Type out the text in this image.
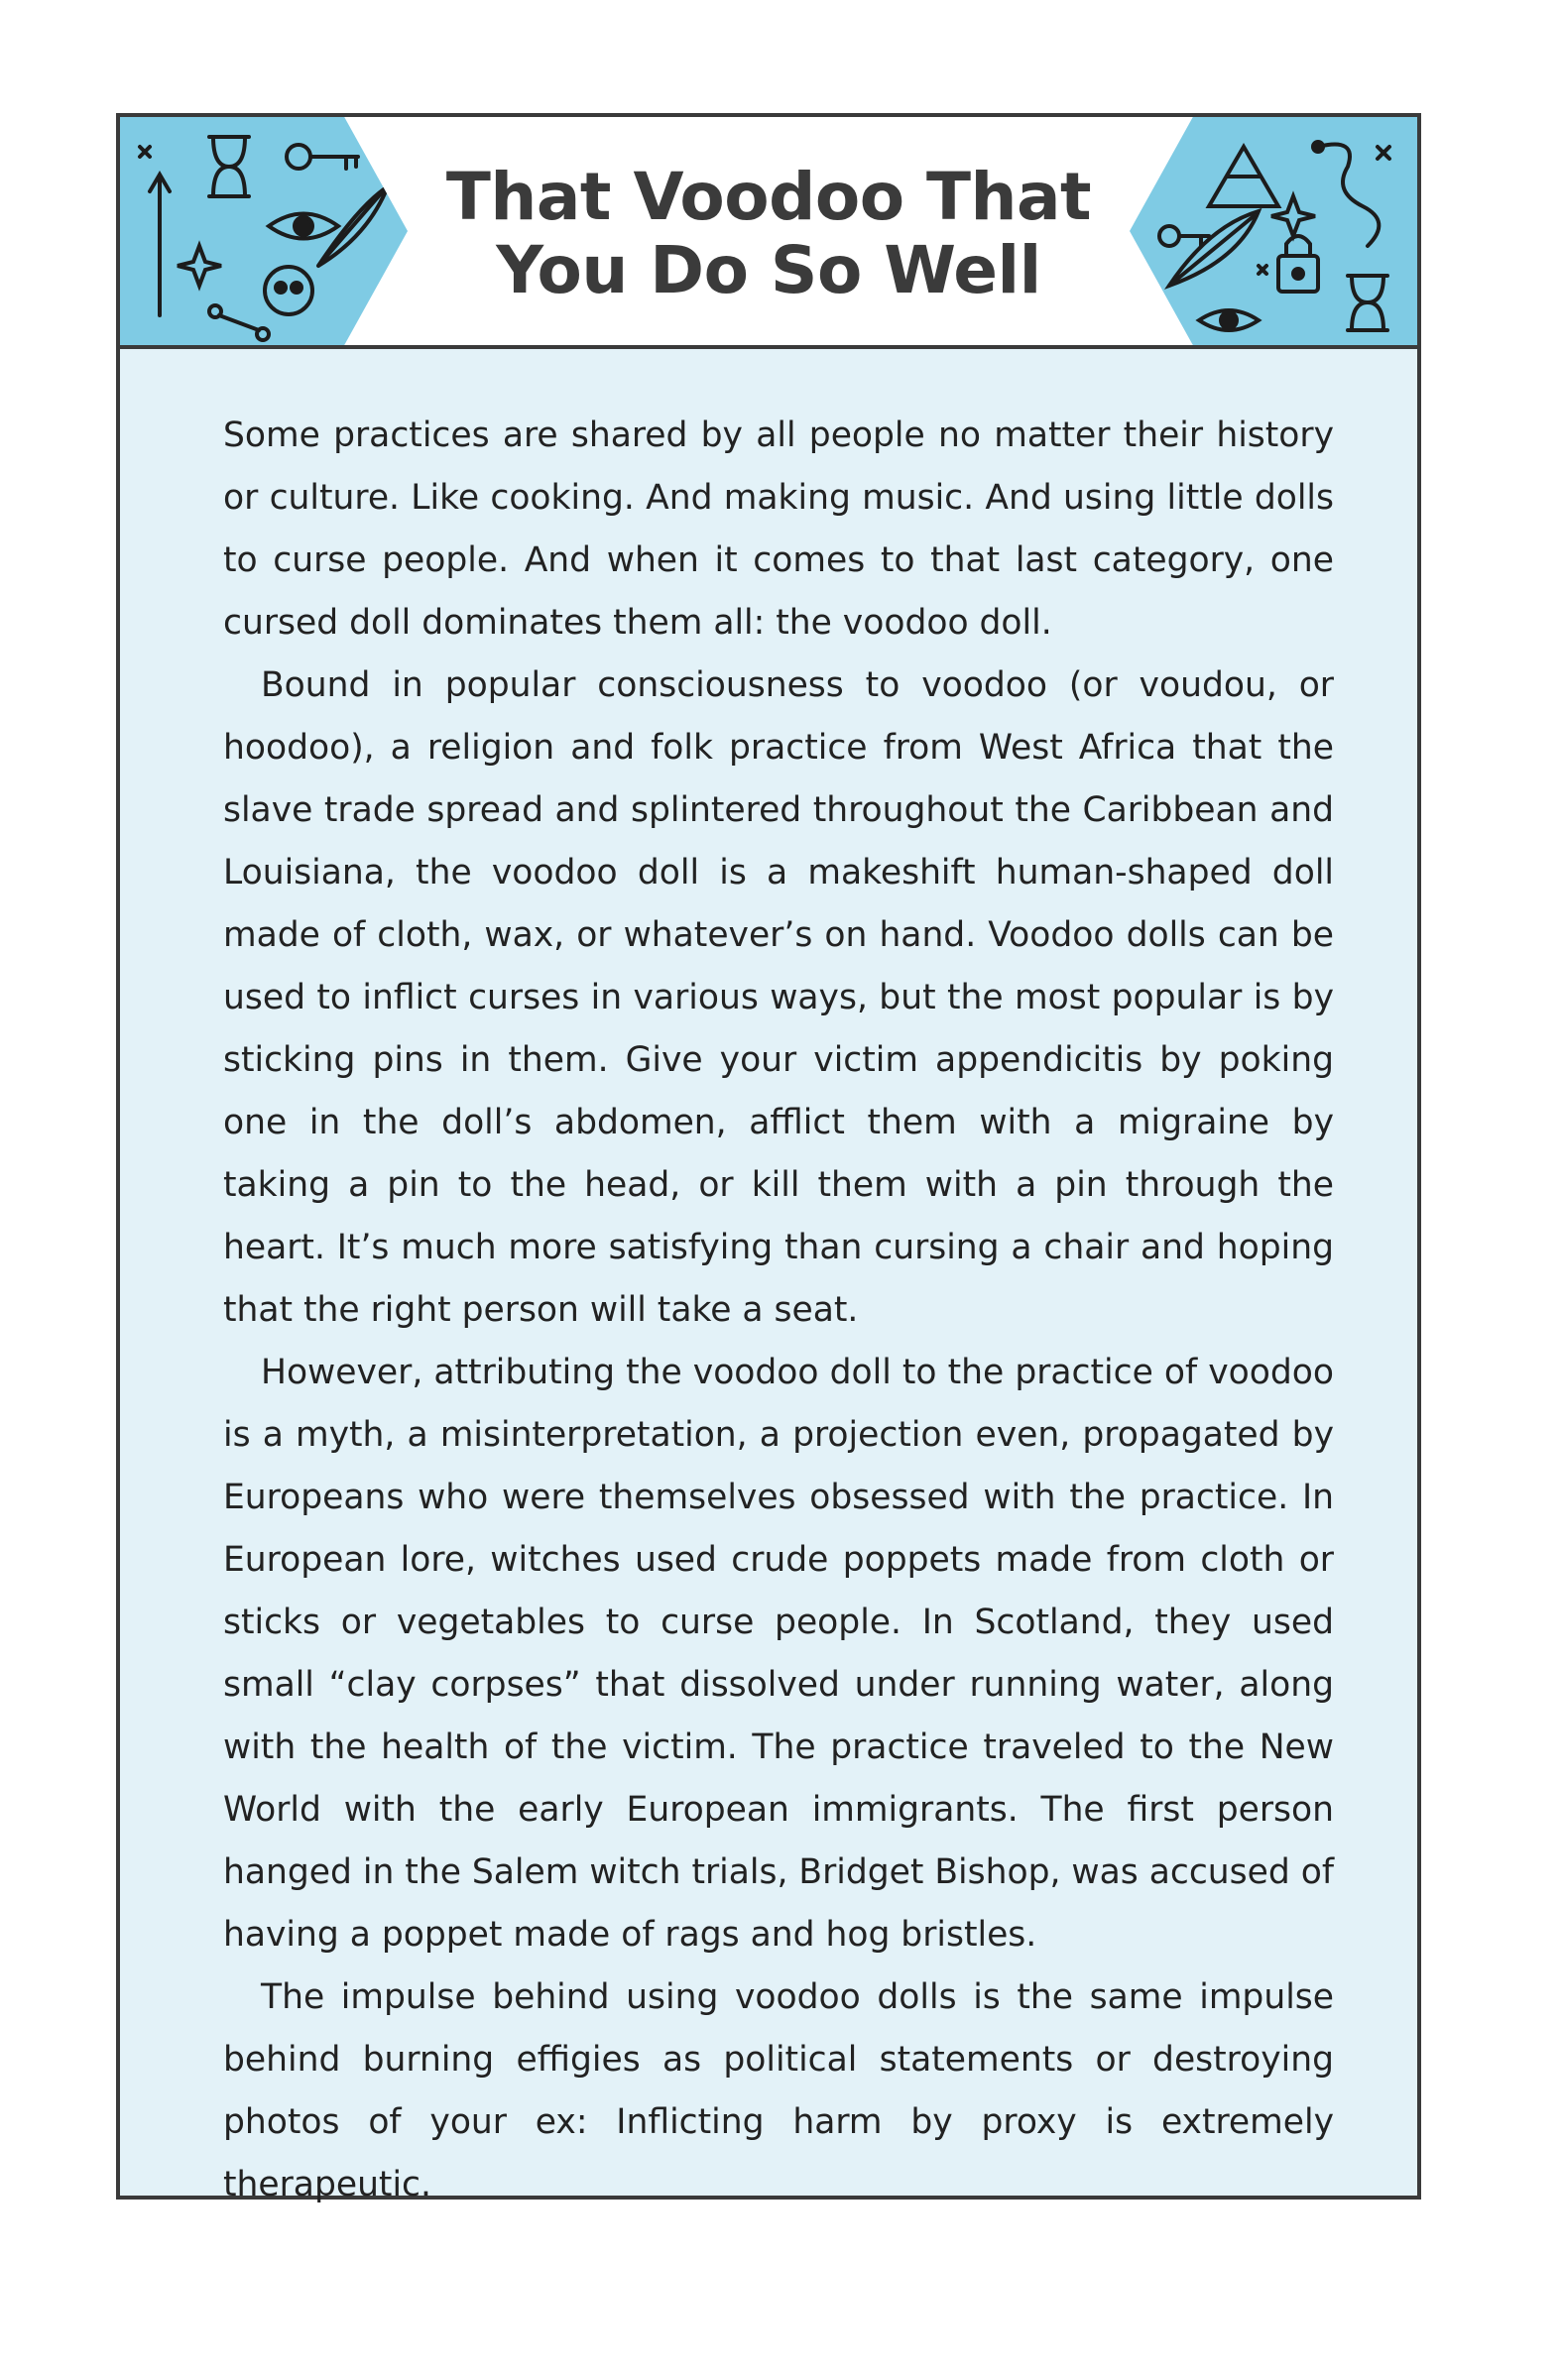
That Voodoo That
You Do So Well

Some practices are shared by all people no matter their history or culture. Like cooking. And making music. And using little dolls to curse people. And when it comes to that last category, one cursed doll dominates them all: the voodoo doll.

Bound in popular consciousness to voodoo (or voudou, or hoodoo), a religion and folk practice from West Africa that the slave trade spread and splintered throughout the Caribbean and Louisiana, the voodoo doll is a makeshift human-shaped doll made of cloth, wax, or whatever’s on hand. Voodoo dolls can be used to inflict curses in various ways, but the most popular is by sticking pins in them. Give your victim appendicitis by poking one in the doll’s abdomen, afflict them with a migraine by taking a pin to the head, or kill them with a pin through the heart. It’s much more satisfying than cursing a chair and hoping that the right person will take a seat.

However, attributing the voodoo doll to the practice of voodoo is a myth, a misinterpretation, a projection even, propagated by Europeans who were themselves obsessed with the practice. In European lore, witches used crude poppets made from cloth or sticks or vegetables to curse people. In Scotland, they used small “clay corpses” that dissolved under running water, along with the health of the victim. The practice traveled to the New World with the early European immigrants. The first person hanged in the Salem witch trials, Bridget Bishop, was accused of having a poppet made of rags and hog bristles.

The impulse behind using voodoo dolls is the same impulse behind burning effigies as political statements or destroying photos of your ex: Inflicting harm by proxy is extremely therapeutic.
